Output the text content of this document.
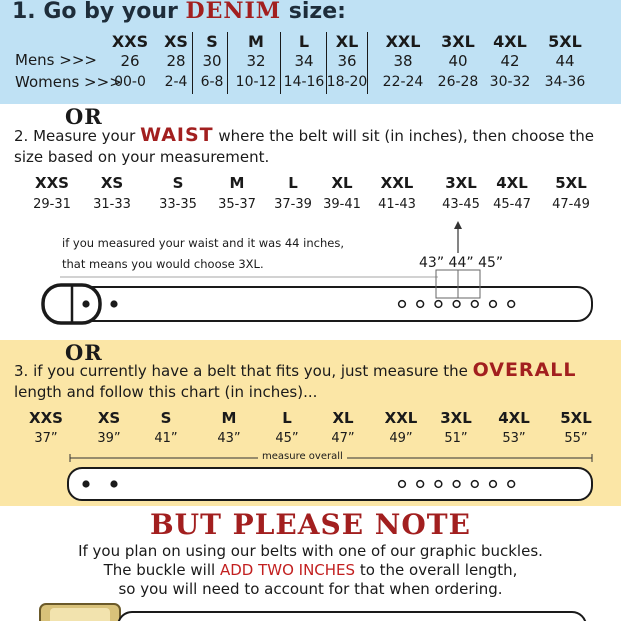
1. Go by your DENIM size:
Mens >>>
Womens >>>
XXS
26
00-0
XS
28
2-4
S
30
6-8
M
32
10-12
L
34
14-16
XL
36
18-20
XXL
38
22-24
3XL
40
26-28
4XL
42
30-32
5XL
44
34-36
OR
2. Measure your WAIST where the belt will sit (in inches), then choose the size based on your measurement.
XXS
29-31
XS
31-33
S
33-35
M
35-37
L
37-39
XL
39-41
XXL
41-43
3XL
43-45
4XL
45-47
5XL
47-49
if you measured your waist and it was 44 inches,
that means you would choose 3XL.	43” 44” 45”
OR
3. if you currently have a belt that fits you, just measure the OVERALL length and follow this chart (in inches)...
XXS
37”
XS
39”
S
41”
M
43”
L
45”
XL
47”
XXL
49”
3XL
51”
4XL
53”
5XL
55”
measure overall
BUT PLEASE NOTE
If you plan on using our belts with one of our graphic buckles.
The buckle will ADD TWO INCHES to the overall length,
so you will need to account for that when ordering.
